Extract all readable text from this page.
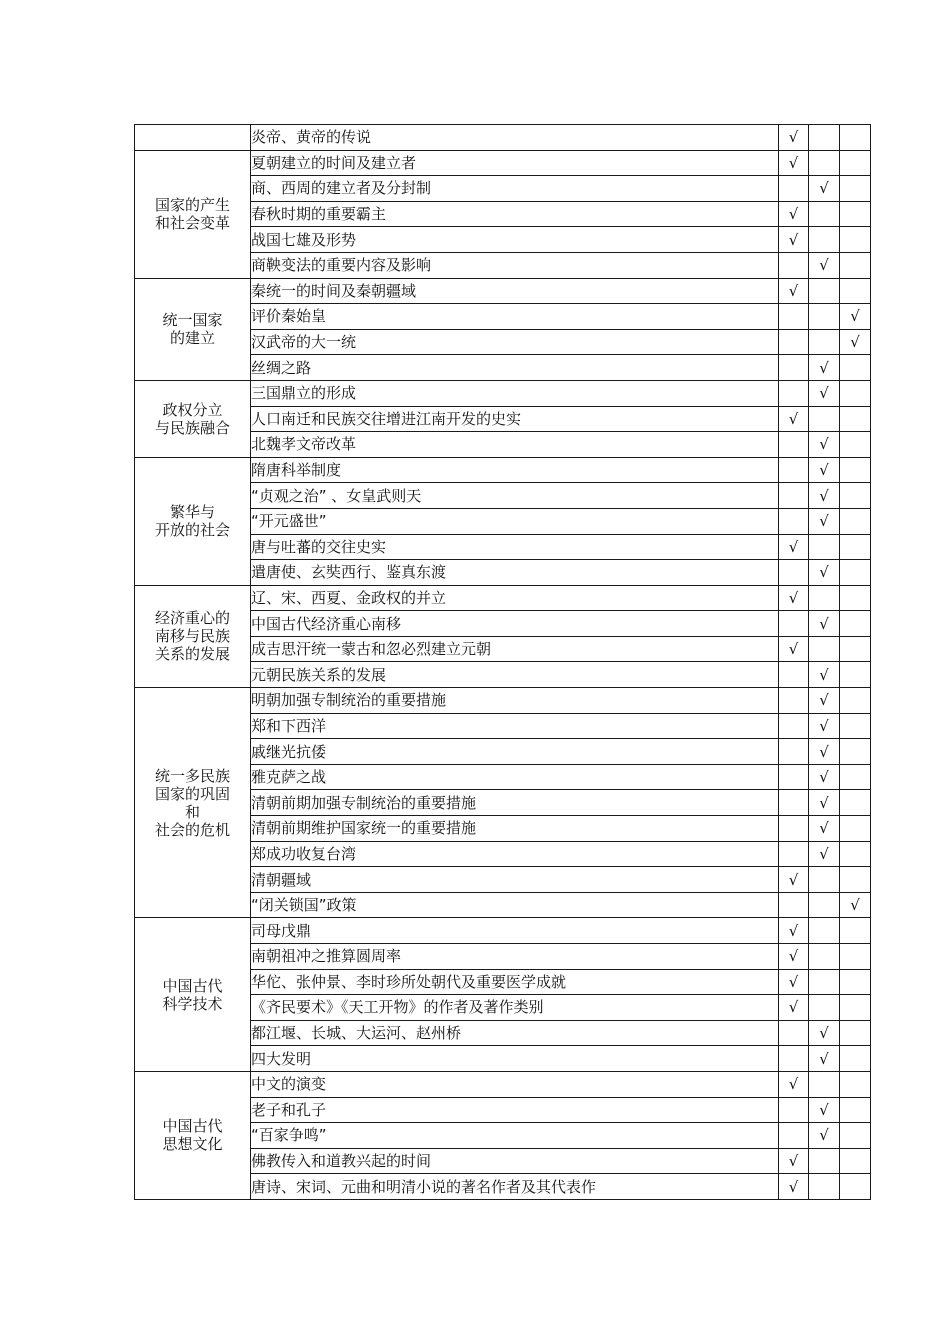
	炎帝、黄帝的传说	√		

国家的产生
和社会变革	夏朝建立的时间及建立者	√		
	商、西周的建立者及分封制		√	
	春秋时期的重要霸主	√		
	战国七雄及形势	√		
	商鞅变法的重要内容及影响		√	

统一国家
的建立	秦统一的时间及秦朝疆域	√		
	评价秦始皇			√
	汉武帝的大一统			√
	丝绸之路		√	

政权分立
与民族融合	三国鼎立的形成		√	
	人口南迁和民族交往增进江南开发的史实	√		
	北魏孝文帝改革		√	

繁华与
开放的社会	隋唐科举制度		√	
	“贞观之治” 、女皇武则天		√	
	“开元盛世”		√	
	唐与吐蕃的交往史实	√		
	遣唐使、玄奘西行、鉴真东渡		√	

经济重心的
南移与民族
关系的发展	辽、宋、西夏、金政权的并立	√		
	中国古代经济重心南移		√	
	成吉思汗统一蒙古和忽必烈建立元朝	√		
	元朝民族关系的发展		√	

统一多民族
国家的巩固
和
社会的危机	明朝加强专制统治的重要措施		√	
	郑和下西洋		√	
	戚继光抗倭		√	
	雅克萨之战		√	
	清朝前期加强专制统治的重要措施		√	
	清朝前期维护国家统一的重要措施		√	
	郑成功收复台湾		√	
	清朝疆域	√		
	“闭关锁国”政策			√

中国古代
科学技术	司母戊鼎	√		
	南朝祖冲之推算圆周率	√		
	华佗、张仲景、李时珍所处朝代及重要医学成就	√		
	《齐民要术》《天工开物》的作者及著作类别	√		
	都江堰、长城、大运河、赵州桥		√	
	四大发明		√	

中国古代
思想文化	中文的演变	√		
	老子和孔子		√	
	“百家争鸣”		√	
	佛教传入和道教兴起的时间	√		
	唐诗、宋词、元曲和明清小说的著名作者及其代表作	√		
